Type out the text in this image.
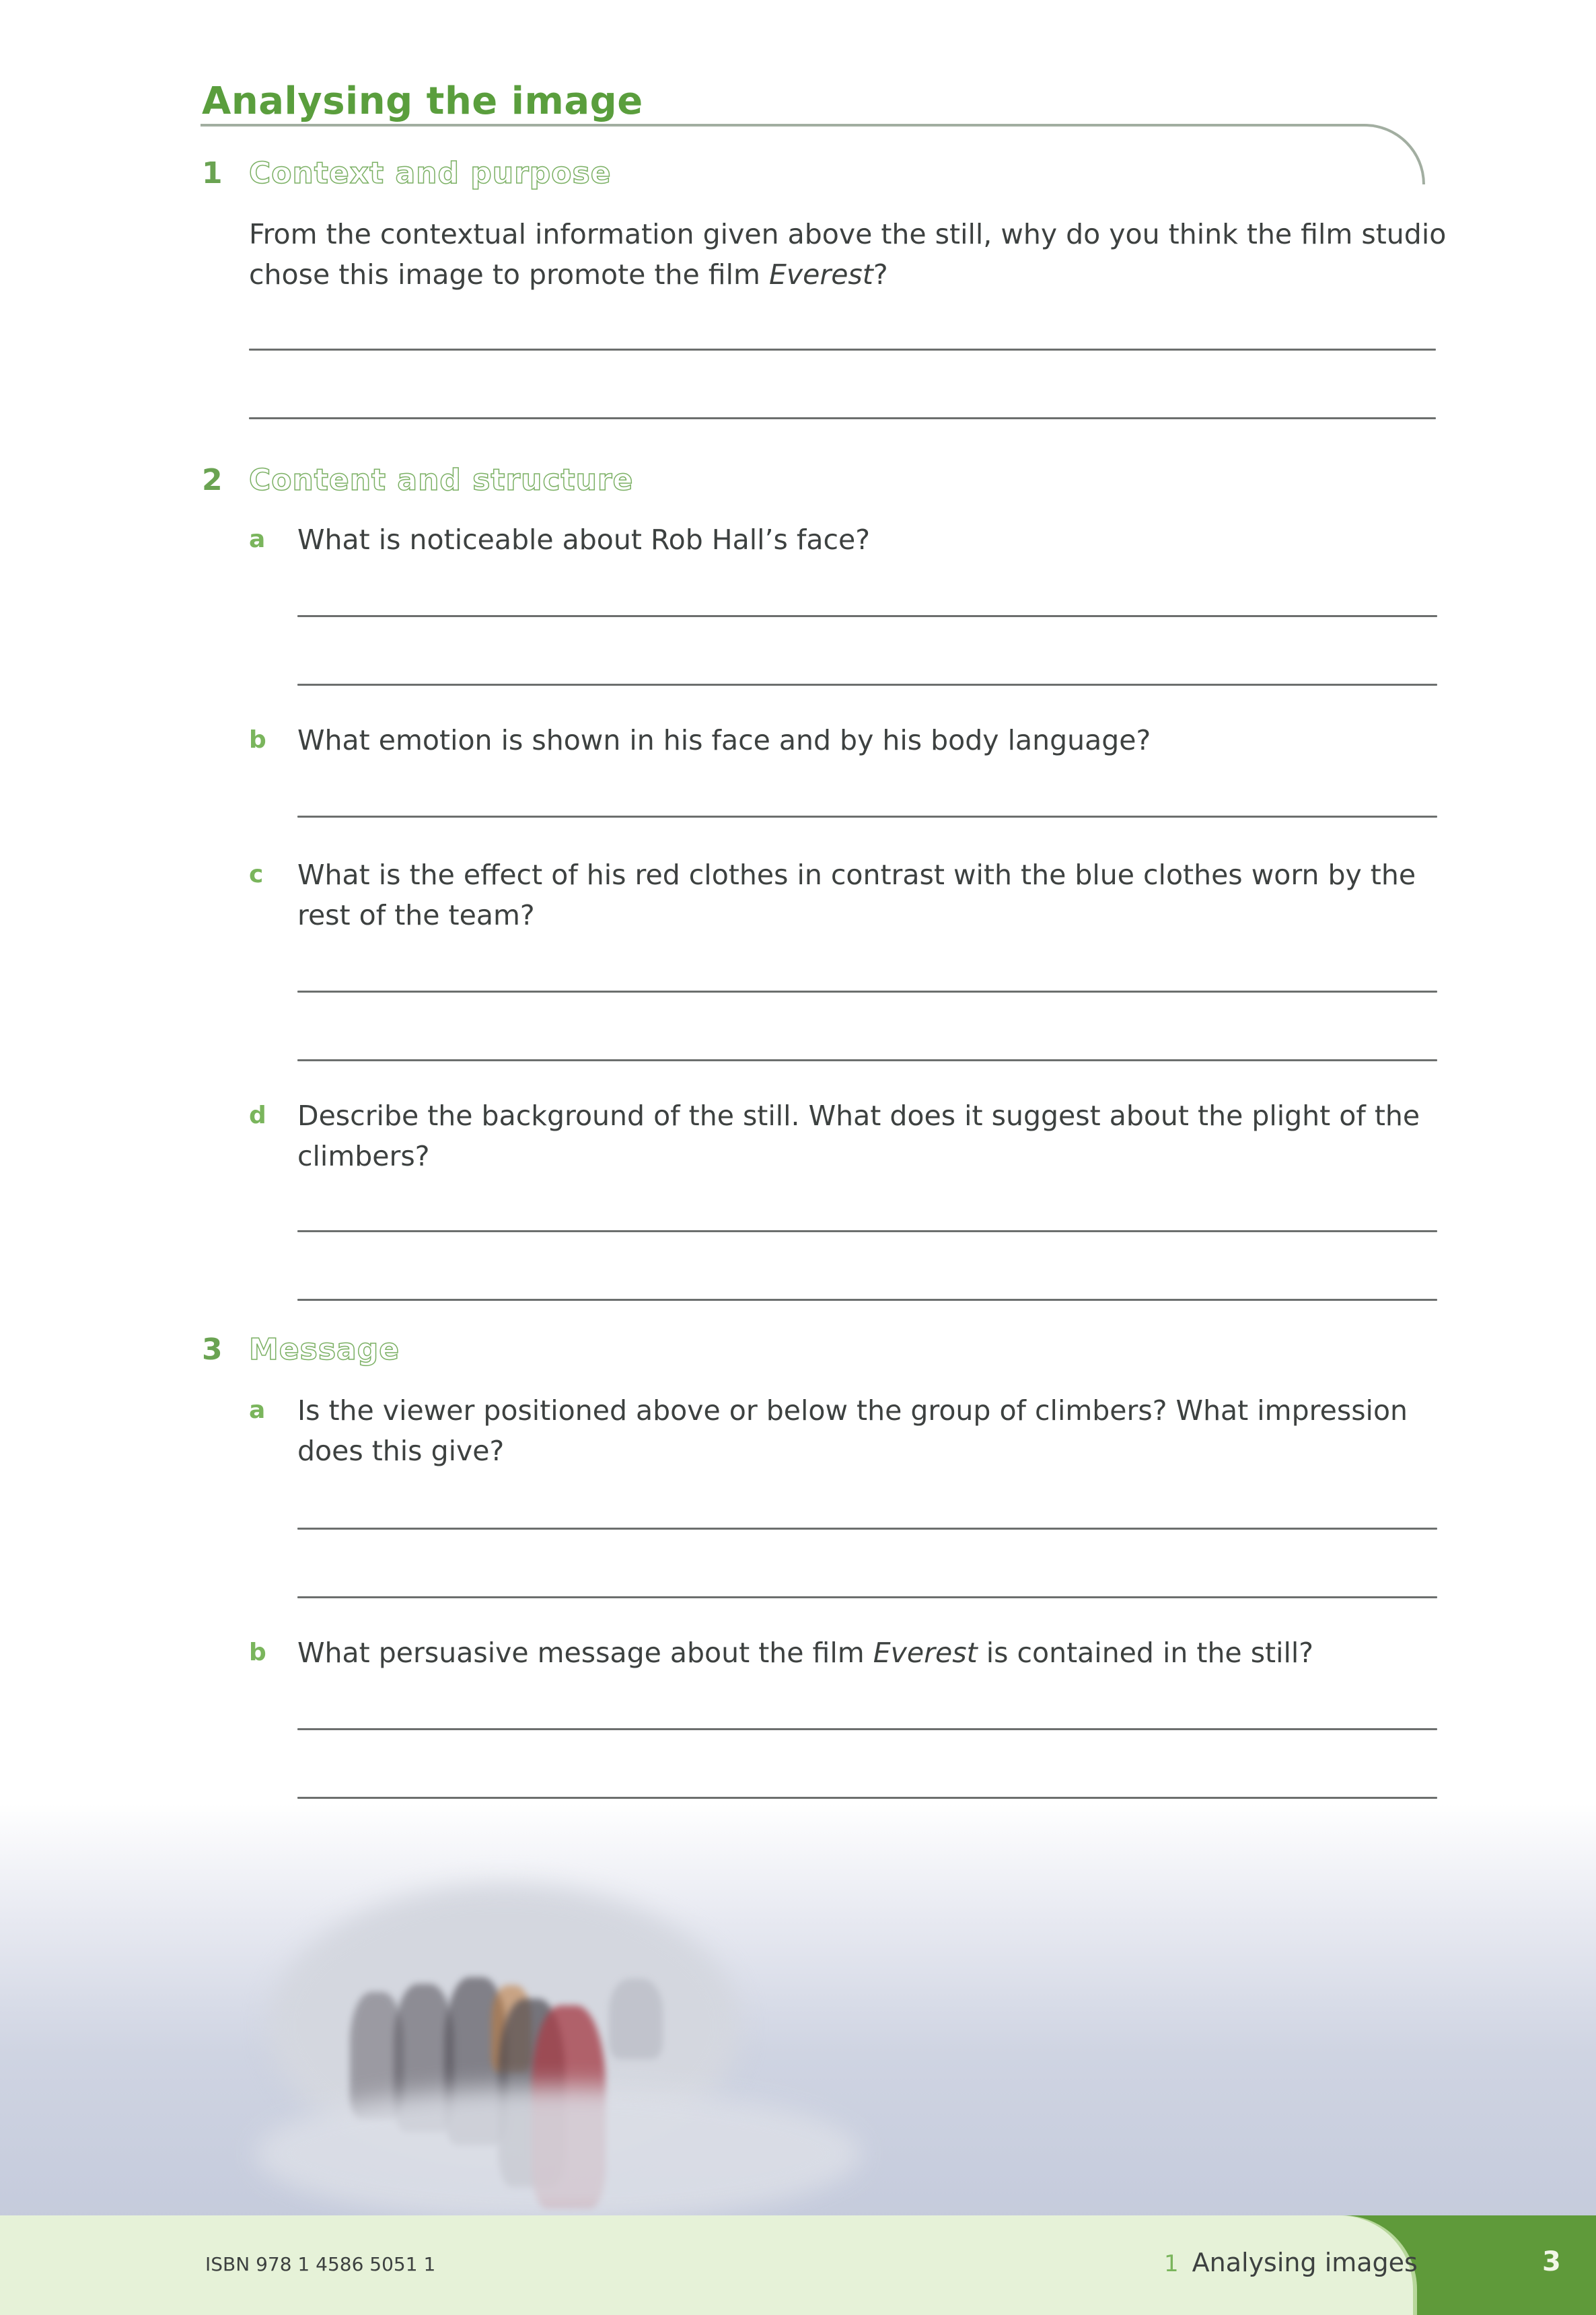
Analysing the image
1 Context and purpose
From the contextual information given above the still, why do you think the film studio chose this image to promote the film Everest?
2 Content and structure
a What is noticeable about Rob Hall’s face?
b What emotion is shown in his face and by his body language?
c What is the effect of his red clothes in contrast with the blue clothes worn by the rest of the team?
d Describe the background of the still. What does it suggest about the plight of the climbers?
3 Message
a Is the viewer positioned above or below the group of climbers? What impression does this give?
b What persuasive message about the film Everest is contained in the still?
ISBN 978 1 4586 5051 1	1 Analysing images	3
